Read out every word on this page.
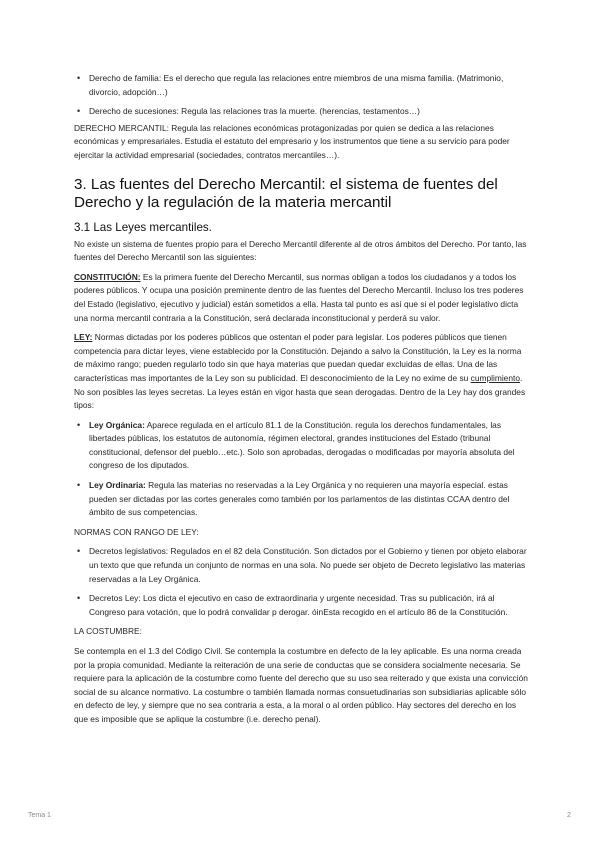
• Derecho de familia: Es el derecho que regula las relaciones entre miembros de una misma familia. (Matrimonio, divorcio, adopción…)
• Derecho de sucesiones: Regula las relaciones tras la muerte. (herencias, testamentos…)

DERECHO MERCANTIL: Regula las relaciones económicas protagonizadas por quien se dedica a las relaciones económicas y empresariales. Estudia el estatuto del empresario y los instrumentos que tiene a su servicio para poder ejercitar la actividad empresarial (sociedades, contratos mercantiles…).

3. Las fuentes del Derecho Mercantil: el sistema de fuentes del Derecho y la regulación de la materia mercantil
3.1 Las Leyes mercantiles.

No existe un sistema de fuentes propio para el Derecho Mercantil diferente al de otros ámbitos del Derecho. Por tanto, las fuentes del Derecho Mercantil son las siguientes:

CONSTITUCIÓN: Es la primera fuente del Derecho Mercantil, sus normas obligan a todos los ciudadanos y a todos los poderes públicos. Y ocupa una posición preminente dentro de las fuentes del Derecho Mercantil. Incluso los tres poderes del Estado (legislativo, ejecutivo y judicial) están sometidos a ella. Hasta tal punto es así que si el poder legislativo dicta una norma mercantil contraria a la Constitución, será declarada inconstitucional y perderá su valor.

LEY: Normas dictadas por los poderes públicos que ostentan el poder para legislar. Los poderes públicos que tienen competencia para dictar leyes, viene establecido por la Constitución. Dejando a salvo la Constitución, la Ley es la norma de máximo rango; pueden regularlo todo sin que haya materias que puedan quedar excluidas de ellas. Una de las características mas importantes de la Ley son su publicidad. El desconocimiento de la Ley no exime de su cumplimiento. No son posibles las leyes secretas. La leyes están en vigor hasta que sean derogadas. Dentro de la Ley hay dos grandes tipos:

• Ley Orgánica: Aparece regulada en el artículo 81.1 de la Constitución. regula los derechos fundamentales, las libertades públicas, los estatutos de autonomía, régimen electoral, grandes instituciones del Estado (tribunal constitucional, defensor del pueblo…etc.). Solo son aprobadas, derogadas o modificadas por mayoría absoluta del congreso de los diputados.
• Ley Ordinaria: Regula las materias no reservadas a la Ley Orgánica y no requieren una mayoría especial. estas pueden ser dictadas por las cortes generales como también por los parlamentos de las distintas CCAA dentro del ámbito de sus competencias.

NORMAS CON RANGO DE LEY:

• Decretos legislativos: Regulados en el 82 dela Constitución. Son dictados por el Gobierno y tienen por objeto elaborar un texto que que refunda un conjunto de normas en una sola. No puede ser objeto de Decreto legislativo las materias reservadas a la Ley Orgánica.
• Decretos Ley: Los dicta el ejecutivo en caso de extraordinaria y urgente necesidad. Tras su publicación, irá al Congreso para votación, que lo podrá convalidar p derogar. óinEsta recogido en el artículo 86 de la Constitución.

LA COSTUMBRE:

Se contempla en el 1.3 del Código Civil. Se contempla la costumbre en defecto de la ley aplicable. Es una norma creada por la propia comunidad. Mediante la reiteración de una serie de conductas que se considera socialmente necesaria. Se requiere para la aplicación de la costumbre como fuente del derecho que su uso sea reiterado y que exista una convicción social de su alcance normativo. La costumbre o también llamada normas consuetudinarias son subsidiarias aplicable sólo en defecto de ley, y siempre que no sea contraria a esta, a la moral o al orden público. Hay sectores del derecho en los que es imposible que se aplique la costumbre (i.e. derecho penal).

Tema 1	2
